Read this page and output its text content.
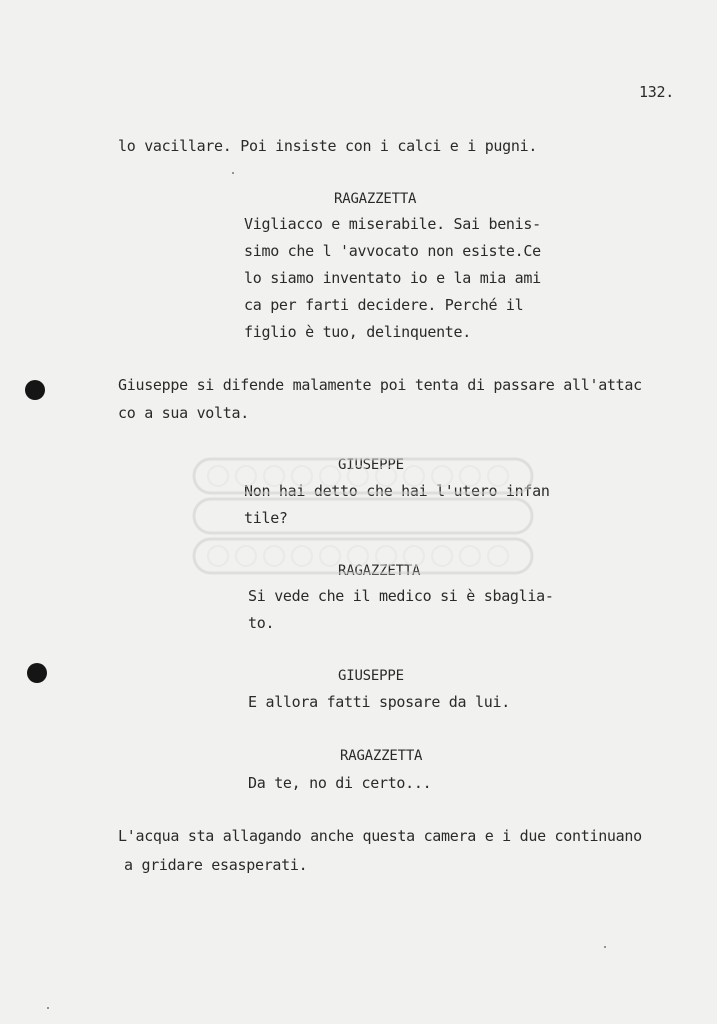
132.
lo vacillare. Poi insiste con i calci e i pugni.
RAGAZZETTA
Vigliacco e miserabile. Sai benis-
simo che l 'avvocato non esiste.Ce
lo siamo inventato io e la mia ami
ca per farti decidere. Perché il
figlio è tuo, delinquente.
Giuseppe si difende malamente poi tenta di passare all'attac
co a sua volta.
GIUSEPPE
Non hai detto che hai l'utero infan
tile?
RAGAZZETTA
Si vede che il medico si è sbaglia-
to.
GIUSEPPE
E allora fatti sposare da lui.
RAGAZZETTA
Da te, no di certo...
L'acqua sta allagando anche questa camera e i due continuano
a gridare esasperati.
